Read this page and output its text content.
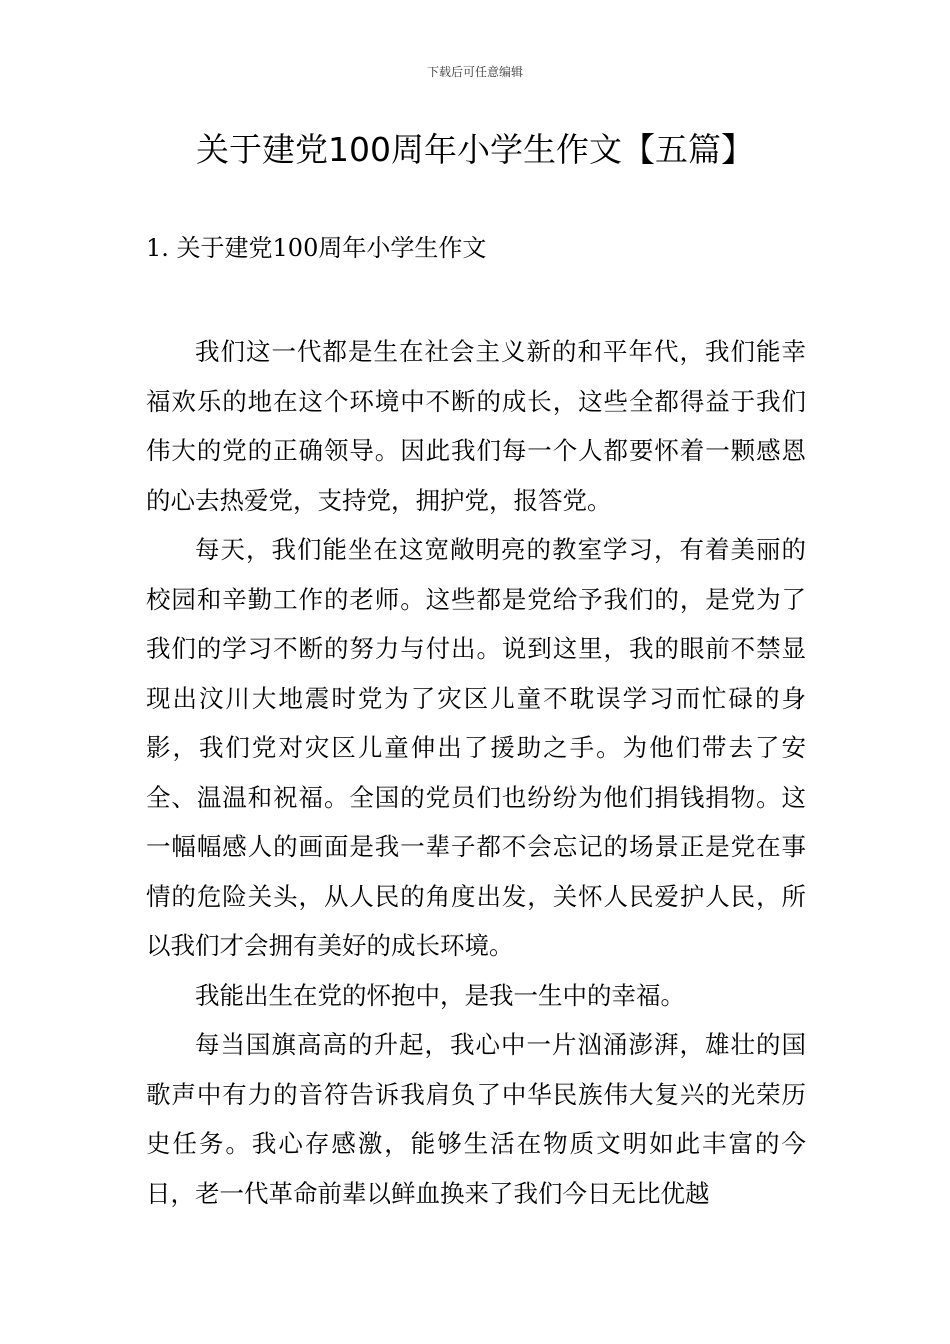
下载后可任意编辑
关于建党100周年小学生作文【五篇】
1. 关于建党100周年小学生作文

我们这一代都是生在社会主义新的和平年代，我们能幸福欢乐的地在这个环境中不断的成长，这些全都得益于我们伟大的党的正确领导。因此我们每一个人都要怀着一颗感恩的心去热爱党，支持党，拥护党，报答党。

每天，我们能坐在这宽敞明亮的教室学习，有着美丽的校园和辛勤工作的老师。这些都是党给予我们的，是党为了我们的学习不断的努力与付出。说到这里，我的眼前不禁显现出汶川大地震时党为了灾区儿童不耽误学习而忙碌的身影，我们党对灾区儿童伸出了援助之手。为他们带去了安全、温温和祝福。全国的党员们也纷纷为他们捐钱捐物。这一幅幅感人的画面是我一辈子都不会忘记的场景正是党在事情的危险关头，从人民的角度出发，关怀人民爱护人民，所以我们才会拥有美好的成长环境。

我能出生在党的怀抱中，是我一生中的幸福。

每当国旗高高的升起，我心中一片汹涌澎湃，雄壮的国歌声中有力的音符告诉我肩负了中华民族伟大复兴的光荣历史任务。我心存感激，能够生活在物质文明如此丰富的今日，老一代革命前辈以鲜血换来了我们今日无比优越
